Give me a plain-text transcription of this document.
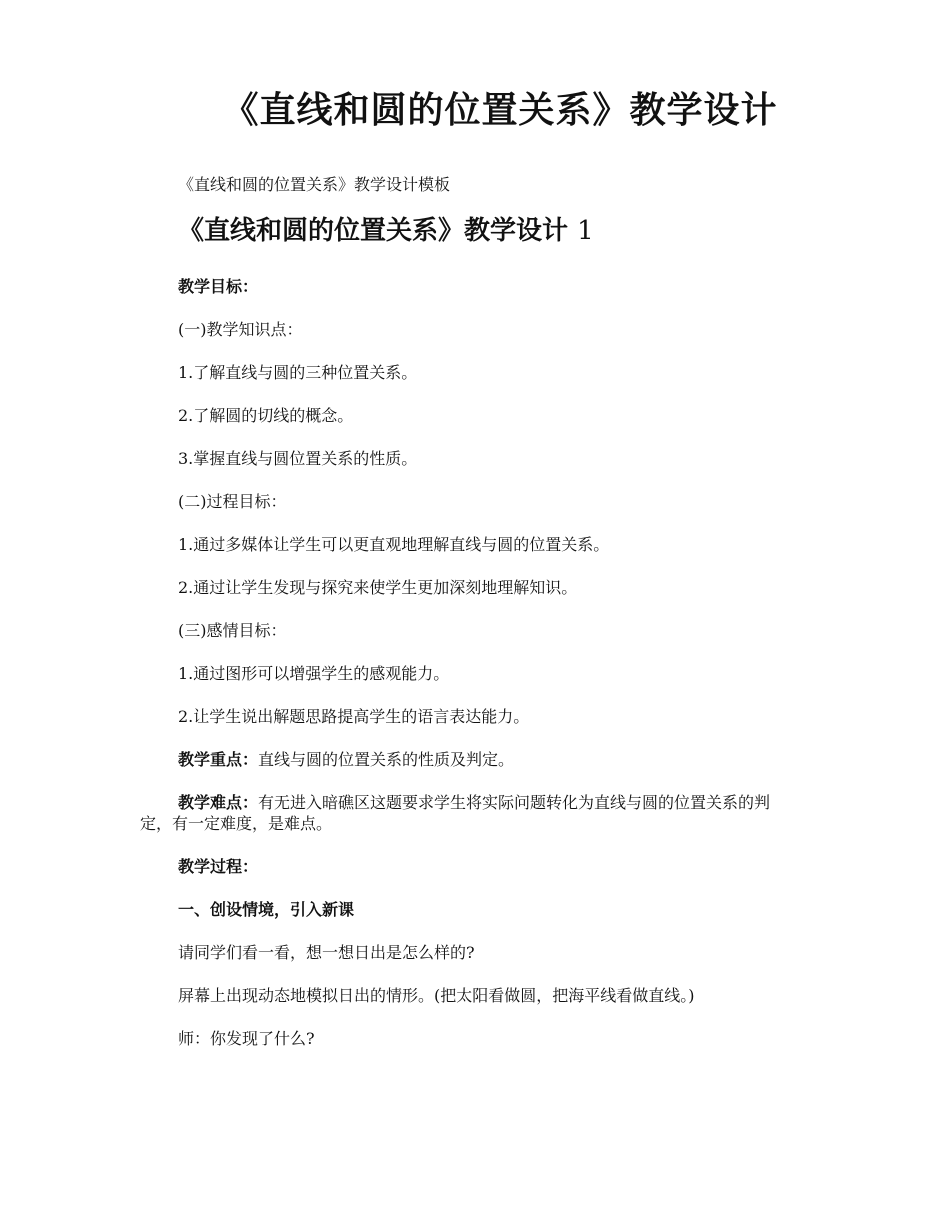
《直线和圆的位置关系》教学设计
《直线和圆的位置关系》教学设计模板
《直线和圆的位置关系》教学设计 1

教学目标：

(一)教学知识点：

1.了解直线与圆的三种位置关系。

2.了解圆的切线的概念。

3.掌握直线与圆位置关系的性质。

(二)过程目标：

1.通过多媒体让学生可以更直观地理解直线与圆的位置关系。

2.通过让学生发现与探究来使学生更加深刻地理解知识。

(三)感情目标：

1.通过图形可以增强学生的感观能力。

2.让学生说出解题思路提高学生的语言表达能力。

教学重点：直线与圆的位置关系的性质及判定。

教学难点：有无进入暗礁区这题要求学生将实际问题转化为直线与圆的位置关系的判定，有一定难度，是难点。

教学过程：

一、创设情境，引入新课

请同学们看一看，想一想日出是怎么样的?

屏幕上出现动态地模拟日出的情形。(把太阳看做圆，把海平线看做直线。)

师：你发现了什么?
